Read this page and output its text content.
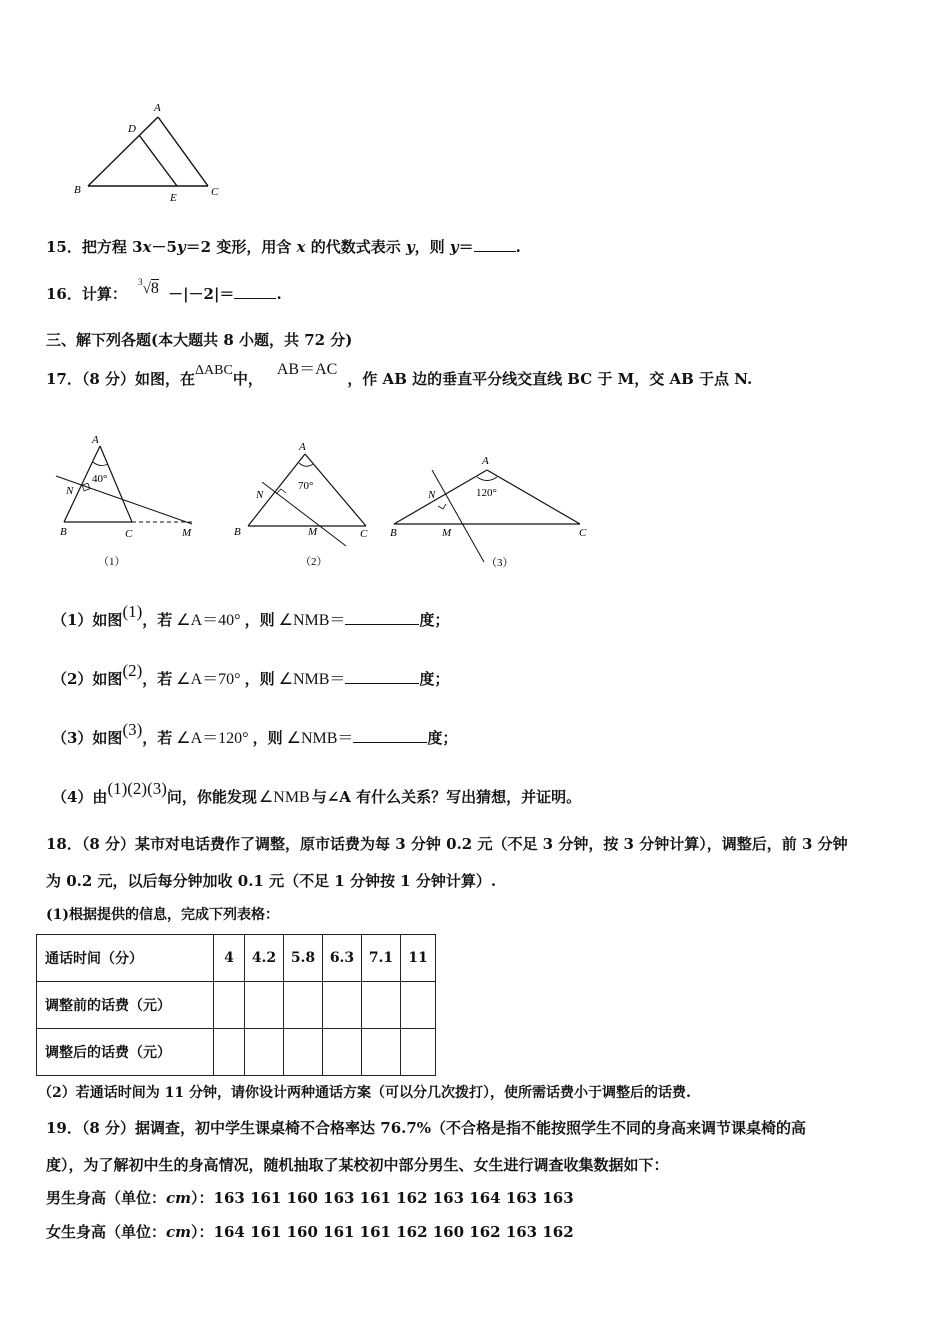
A
D
B
E	C
15．把方程 3x－5y＝2 变形，用含 x 的代数式表示 y，则 y＝	.
16．计算： $^3$√8 －|－2|＝	.
三、解下列各题(本大题共 8 小题，共 72 分)
17．（8 分）如图，在ΔABC中，AB＝AC，作 AB 边的垂直平分线交直线 BC 于 M，交 AB 于点 N.
A
40°
N
B	C	M
（1）
A
70°
N
B	M	C
（2）
A
120°
N
B	M	C
（3）
（1）如图(1)，若 ∠A＝40° ，则 ∠NMB＝	度；
（2）如图(2)，若 ∠A＝70° ，则 ∠NMB＝	度；
（3）如图(3)，若 ∠A＝120° ，则 ∠NMB＝	度；
（4）由(1)(2)(3)问，你能发现 ∠NMB 与∠A 有什么关系？写出猜想，并证明。
18．（8 分）某市对电话费作了调整，原市话费为每 3 分钟 0.2 元（不足 3 分钟，按 3 分钟计算），调整后，前 3 分钟
为 0.2 元，以后每分钟加收 0.1 元（不足 1 分钟按 1 分钟计算）.
(1)根据提供的信息，完成下列表格：
通话时间（分）	4	4.2	5.8	6.3	7.1	11
调整前的话费（元）						
调整后的话费（元）						
（2）若通话时间为 11 分钟，请你设计两种通话方案（可以分几次拨打），使所需话费小于调整后的话费.
19．（8 分）据调查，初中学生课桌椅不合格率达 76.7%（不合格是指不能按照学生不同的身高来调节课桌椅的高
度），为了解初中生的身高情况，随机抽取了某校初中部分男生、女生进行调查收集数据如下：
男生身高（单位：cm）：163 161 160 163 161 162 163 164 163 163
女生身高（单位：cm）：164 161 160 161 161 162 160 162 163 162
